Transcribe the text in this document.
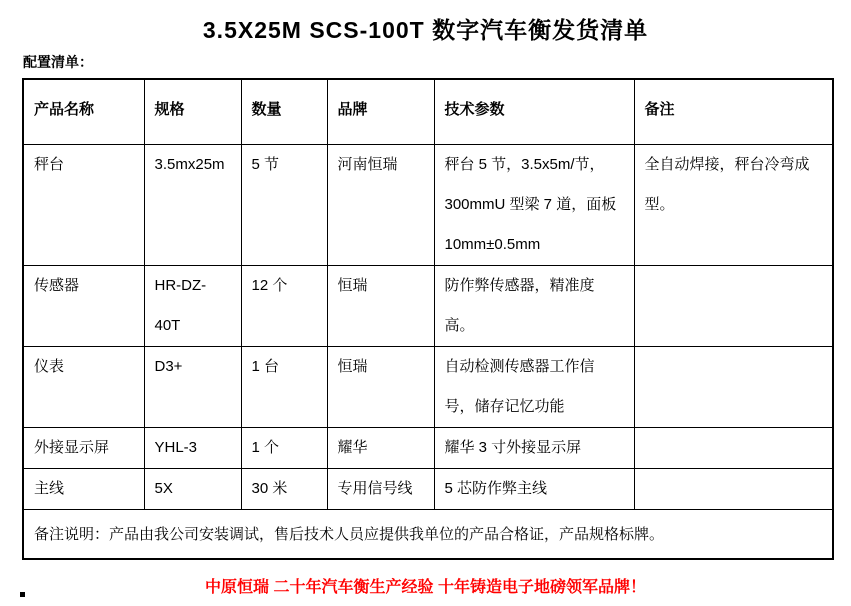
3.5X25M SCS-100T 数字汽车衡发货清单
配置清单：
产品名称	规格	数量	品牌	技术参数	备注
秤台	3.5mx25m	5 节	河南恒瑞	秤台 5 节，3.5x5m/节，300mmU 型梁 7 道，面板 10mm±0.5mm	全自动焊接，秤台冷弯成型。
传感器	HR-DZ-40T	12 个	恒瑞	防作弊传感器，精准度高。	
仪表	D3+	1 台	恒瑞	自动检测传感器工作信号，储存记忆功能	
外接显示屏	YHL-3	1 个	耀华	耀华 3 寸外接显示屏	
主线	5X	30 米	专用信号线	5 芯防作弊主线	
备注说明：产品由我公司安装调试，售后技术人员应提供我单位的产品合格证，产品规格标牌。					
中原恒瑞 二十年汽车衡生产经验 十年铸造电子地磅领军品牌！
